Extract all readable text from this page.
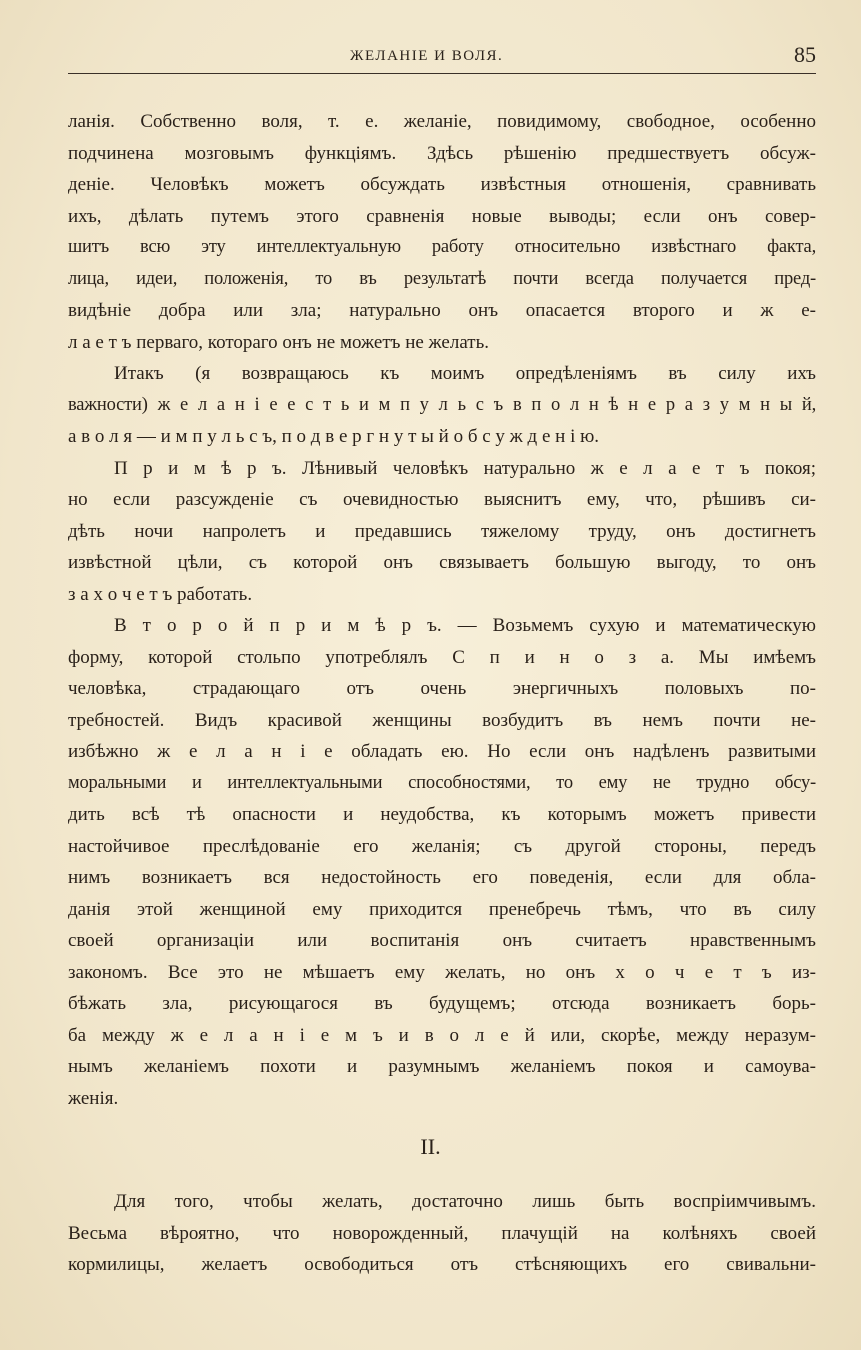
ЖЕЛАНІЕ И ВОЛЯ.	85
ланія. Собственно воля, т. е. желаніе, повидимому, свободное, особенно
подчинена мозговымъ функціямъ. Здѣсь рѣшенію предшествуетъ обсуж-
деніе. Человѣкъ можетъ обсуждать извѣстныя отношенія, сравнивать
ихъ, дѣлать путемъ этого сравненія новые выводы; если онъ совер-
шитъ всю эту интеллектуальную работу относительно извѣстнаго факта,
лица, идеи, положенія, то въ результатѣ почти всегда получается пред-
видѣніе добра или зла; натурально онъ опасается второго и ж е-
л а е т ъ перваго, котораго онъ не можетъ не желать.
Итакъ (я возвращаюсь къ моимъ опредѣленіямъ въ силу ихъ
важности) ж е л а н і е е с т ь и м п у л ь с ъ в п о л н ѣ н е р а з у м н ы й,
а в о л я — и м п у л ь с ъ, п о д в е р г н у т ы й о б с у ж д е н і ю.
П р и м ѣ р ъ. Лѣнивый человѣкъ натурально ж е л а е т ъ покоя;
но если разсужденіе съ очевидностью выяснитъ ему, что, рѣшивъ си-
дѣть ночи напролетъ и предавшись тяжелому труду, онъ достигнетъ
извѣстной цѣли, съ которой онъ связываетъ большую выгоду, то онъ
з а х о ч е т ъ работать.
В т о р о й п р и м ѣ р ъ. — Возьмемъ сухую и математическую
форму, которой стольпо употреблялъ С п и н о з а. Мы имѣемъ
человѣка, страдающаго отъ очень энергичныхъ половыхъ по-
требностей. Видъ красивой женщины возбудитъ въ немъ почти не-
избѣжно ж е л а н і е обладать ею. Но если онъ надѣленъ развитыми
моральными и интеллектуальными способностями, то ему не трудно обсу-
дить всѣ тѣ опасности и неудобства, къ которымъ можетъ привести
настойчивое преслѣдованіе его желанія; съ другой стороны, передъ
нимъ возникаетъ вся недостойность его поведенія, если для обла-
данія этой женщиной ему приходится пренебречь тѣмъ, что въ силу
своей организаціи или воспитанія онъ считаетъ нравственнымъ
закономъ. Все это не мѣшаетъ ему желать, но онъ х о ч е т ъ из-
бѣжать зла, рисующагося въ будущемъ; отсюда возникаетъ борь-
ба между ж е л а н і е м ъ и в о л е й или, скорѣе, между неразум-
нымъ желаніемъ похоти и разумнымъ желаніемъ покоя и самоува-
женія.
II.
Для того, чтобы желать, достаточно лишь быть воспріимчивымъ.
Весьма вѣроятно, что новорожденный, плачущій на колѣняхъ своей
кормилицы, желаетъ освободиться отъ стѣсняющихъ его свивальни-
